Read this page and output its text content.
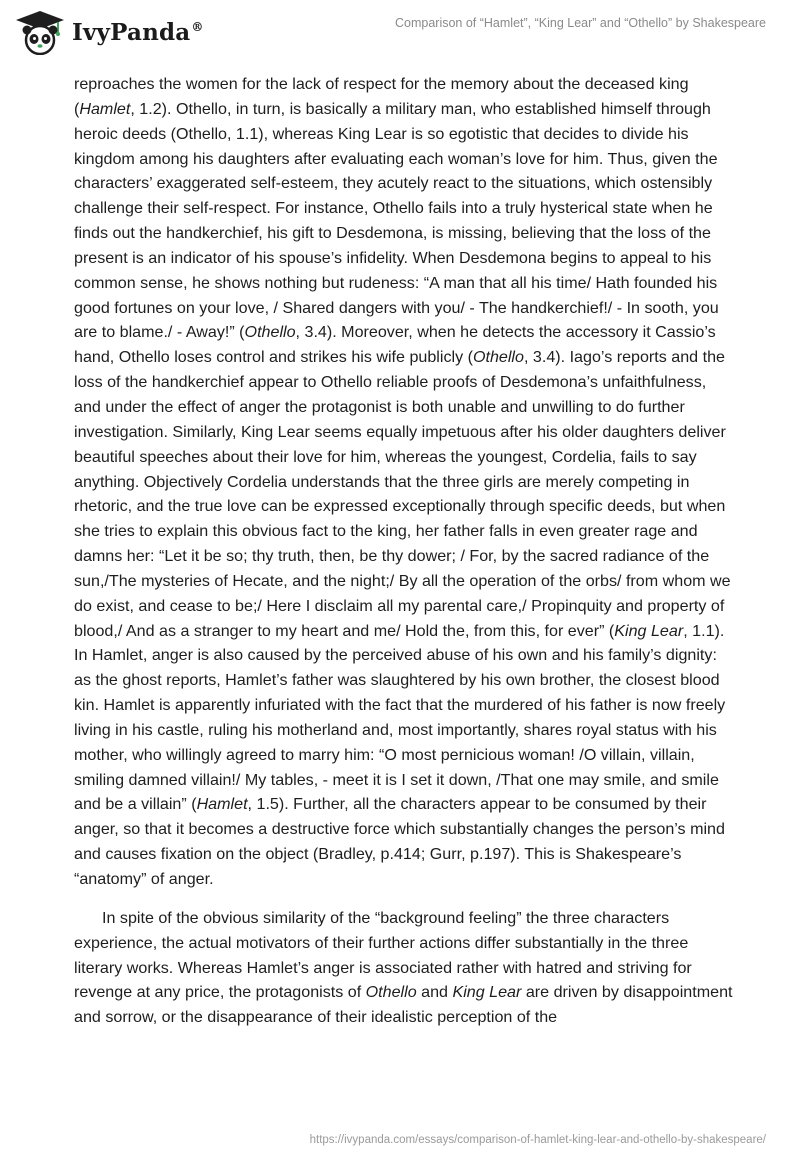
IvyPanda®	Comparison of “Hamlet”, “King Lear” and “Othello” by Shakespeare

reproaches the women for the lack of respect for the memory about the deceased king (Hamlet, 1.2). Othello, in turn, is basically a military man, who established himself through heroic deeds (Othello, 1.1), whereas King Lear is so egotistic that decides to divide his kingdom among his daughters after evaluating each woman’s love for him. Thus, given the characters’ exaggerated self-esteem, they acutely react to the situations, which ostensibly challenge their self-respect. For instance, Othello fails into a truly hysterical state when he finds out the handkerchief, his gift to Desdemona, is missing, believing that the loss of the present is an indicator of his spouse’s infidelity. When Desdemona begins to appeal to his common sense, he shows nothing but rudeness: “A man that all his time/ Hath founded his good fortunes on your love, / Shared dangers with you/ - The handkerchief!/ - In sooth, you are to blame./ - Away!” (Othello, 3.4). Moreover, when he detects the accessory it Cassio’s hand, Othello loses control and strikes his wife publicly (Othello, 3.4). Iago’s reports and the loss of the handkerchief appear to Othello reliable proofs of Desdemona’s unfaithfulness, and under the effect of anger the protagonist is both unable and unwilling to do further investigation. Similarly, King Lear seems equally impetuous after his older daughters deliver beautiful speeches about their love for him, whereas the youngest, Cordelia, fails to say anything. Objectively Cordelia understands that the three girls are merely competing in rhetoric, and the true love can be expressed exceptionally through specific deeds, but when she tries to explain this obvious fact to the king, her father falls in even greater rage and damns her: “Let it be so; thy truth, then, be thy dower; / For, by the sacred radiance of the sun,/The mysteries of Hecate, and the night;/ By all the operation of the orbs/ from whom we do exist, and cease to be;/ Here I disclaim all my parental care,/ Propinquity and property of blood,/ And as a stranger to my heart and me/ Hold the, from this, for ever” (King Lear, 1.1). In Hamlet, anger is also caused by the perceived abuse of his own and his family’s dignity: as the ghost reports, Hamlet’s father was slaughtered by his own brother, the closest blood kin. Hamlet is apparently infuriated with the fact that the murdered of his father is now freely living in his castle, ruling his motherland and, most importantly, shares royal status with his mother, who willingly agreed to marry him: “O most pernicious woman! /O villain, villain, smiling damned villain!/ My tables, - meet it is I set it down, /That one may smile, and smile and be a villain” (Hamlet, 1.5). Further, all the characters appear to be consumed by their anger, so that it becomes a destructive force which substantially changes the person’s mind and causes fixation on the object (Bradley, p.414; Gurr, p.197). This is Shakespeare’s “anatomy” of anger.

In spite of the obvious similarity of the “background feeling” the three characters experience, the actual motivators of their further actions differ substantially in the three literary works. Whereas Hamlet’s anger is associated rather with hatred and striving for revenge at any price, the protagonists of Othello and King Lear are driven by disappointment and sorrow, or the disappearance of their idealistic perception of the

https://ivypanda.com/essays/comparison-of-hamlet-king-lear-and-othello-by-shakespeare/
